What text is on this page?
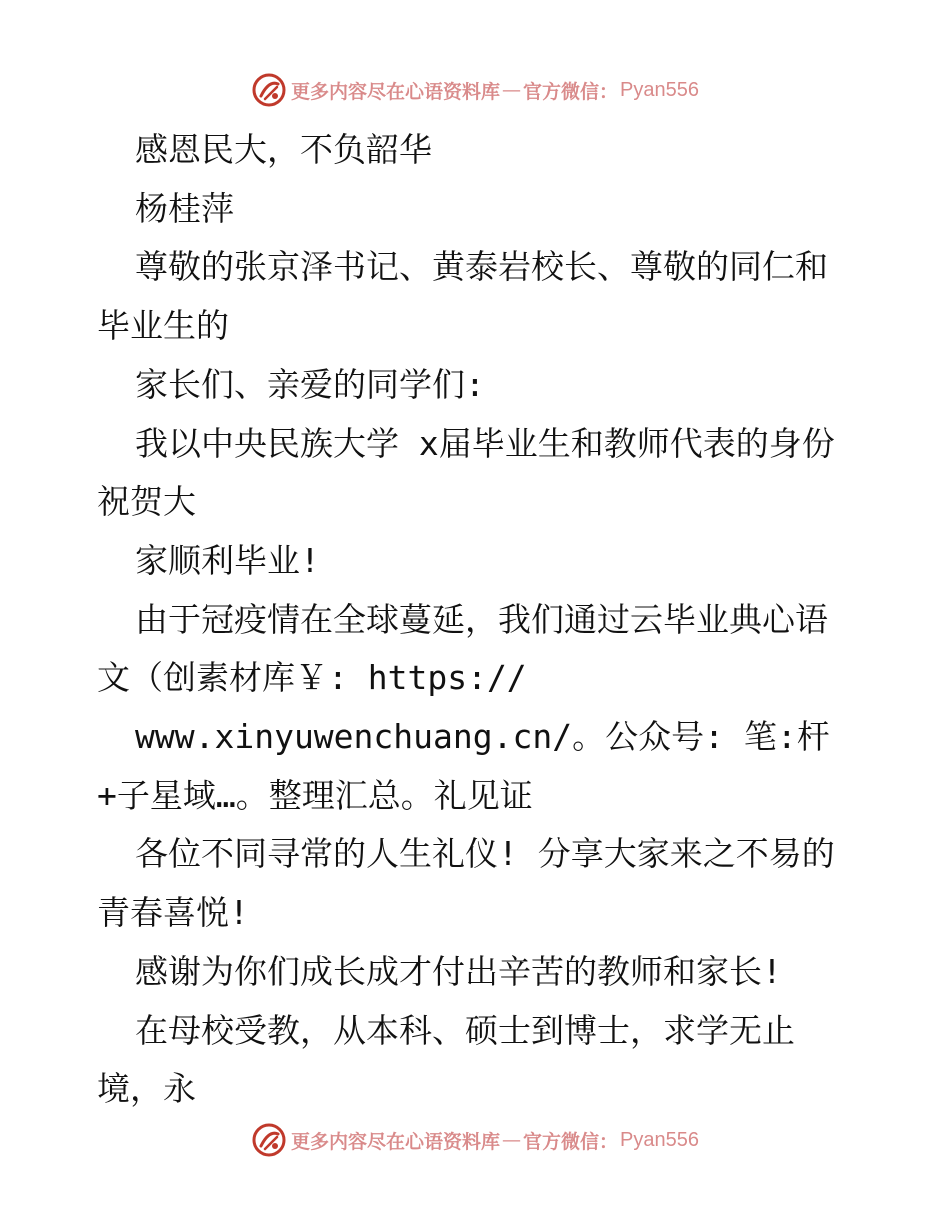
更多内容尽在心语资料库 — 官方微信： Pyan556

感恩民大，不负韶华

杨桂萍

尊敬的张京泽书记、黄泰岩校长、尊敬的同仁和毕业生的

家长们、亲爱的同学们:

我以中央民族大学 x届毕业生和教师代表的身份祝贺大

家顺利毕业!

由于冠疫情在全球蔓延，我们通过云毕业典心语文（创素材库￥: https://

www.xinyuwenchuang.cn/。公众号: 笔:杆+子星域…。整理汇总。礼见证

各位不同寻常的人生礼仪! 分享大家来之不易的青春喜悦!

感谢为你们成长成才付出辛苦的教师和家长!

在母校受教，从本科、硕士到博士，求学无止境，永

更多内容尽在心语资料库 — 官方微信： Pyan556
